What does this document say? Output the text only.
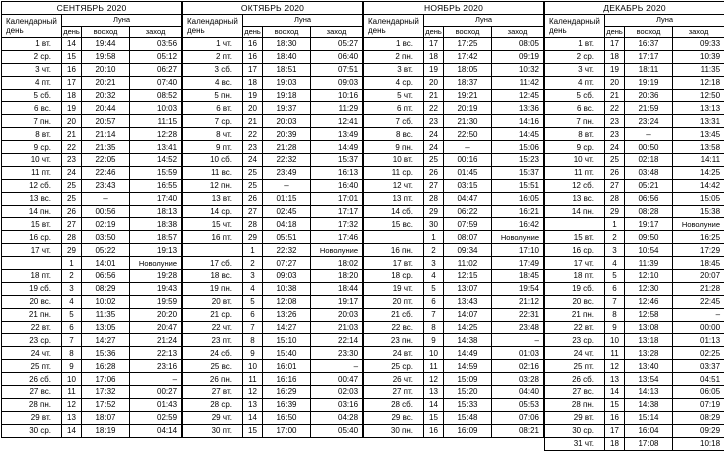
СЕНТЯБРЬ 2020			
Календарный день	Луна		
	день	восход	заход
1 вт.	14	19:44	03:56
2 ср.	15	19:58	05:12
3 чт.	16	20:10	06:27
4 пт.	17	20:21	07:40
5 сб.	18	20:32	08:52
6 вс.	19	20:44	10:03
7 пн.	20	20:57	11:15
8 вт.	21	21:14	12:28
9 ср.	22	21:35	13:41
10 чт.	23	22:05	14:52
11 пт.	24	22:46	15:59
12 сб.	25	23:43	16:55
13 вс.	25	–	17:40
14 пн.	26	00:56	18:13
15 вт.	27	02:19	18:38
16 ср.	28	03:50	18:57
17 чт.	29	05:22	19:13
	1	14:01	Новолуние
18 пт.	2	06:56	19:28
19 сб.	3	08:29	19:43
20 вс.	4	10:02	19:59
21 пн.	5	11:35	20:20
22 вт.	6	13:05	20:47
23 ср.	7	14:27	21:24
24 чт.	8	15:36	22:13
25 пт.	9	16:28	23:16
26 сб.	10	17:06	–
27 вс.	11	17:32	00:27
28 пн.	12	17:52	01:43
29 вт.	13	18:07	02:59
30 ср.	14	18:19	04:14
ОКТЯБРЬ 2020			
Календарный день	Луна		
	день	восход	заход
1 чт.	16	18:30	05:27
2 пт.	16	18:40	06:40
3 сб.	17	18:51	07:51
4 вс.	18	19:03	09:03
5 пн.	19	19:18	10:16
6 вт.	20	19:37	11:29
7 ср.	21	20:03	12:41
8 чт.	22	20:39	13:49
9 пт.	23	21:28	14:49
10 сб.	24	22:32	15:37
11 вс.	25	23:49	16:13
12 пн.	25	–	16:40
13 вт.	26	01:15	17:01
14 ср.	27	02:45	17:17
15 чт.	28	04:18	17:32
16 пт.	29	05:51	17:46
	1	22:32	Новолуние
17 сб.	2	07:27	18:02
18 вс.	3	09:03	18:20
19 пн.	4	10:38	18:44
20 вт.	5	12:08	19:17
21 ср.	6	13:26	20:03
22 чт.	7	14:27	21:03
23 пт.	8	15:10	22:14
24 сб.	9	15:40	23:30
25 вс.	10	16:01	–
26 пн.	11	16:16	00:47
27 вт.	12	16:29	02:03
28 ср.	13	16:39	03:16
29 чт.	14	16:50	04:28
30 пт.	15	17:00	05:40
НОЯБРЬ 2020			
Календарный день	Луна		
	день	восход	заход
1 вс.	17	17:25	08:05
2 пн.	18	17:42	09:19
3 вт.	19	18:05	10:32
4 ср.	20	18:37	11:42
5 чт.	21	19:21	12:45
6 пт.	22	20:19	13:36
7 сб.	23	21:30	14:16
8 вс.	24	22:50	14:45
9 пн.	24	–	15:06
10 вт.	25	00:16	15:23
11 ср.	26	01:45	15:37
12 чт.	27	03:15	15:51
13 пт.	28	04:47	16:05
14 сб.	29	06:22	16:21
15 вс.	30	07:59	16:42
	1	08:07	Новолуние
16 пн.	2	09:34	17:10
17 вт.	3	11:02	17:49
18 ср.	4	12:15	18:45
19 чт.	5	13:07	19:54
20 пт.	6	13:43	21:12
21 сб.	7	14:07	22:31
22 вс.	8	14:25	23:48
23 пн.	9	14:38	–
24 вт.	10	14:49	01:03
25 ср.	11	14:59	02:16
26 чт.	12	15:09	03:28
27 пт.	13	15:20	04:40
28 сб.	14	15:33	05:53
29 вс.	15	15:48	07:06
30 пн.	16	16:09	08:21
ДЕКАБРЬ 2020			
Календарный день	Луна		
	день	восход	заход
1 вт.	17	16:37	09:33
2 ср.	18	17:17	10:39
3 чт.	19	18:11	11:35
4 пт.	20	19:19	12:18
5 сб.	21	20:36	12:50
6 вс.	22	21:59	13:13
7 пн.	23	23:24	13:31
8 вт.	23	–	13:45
9 ср.	24	00:50	13:58
10 чт.	25	02:18	14:11
11 пт.	26	03:48	14:25
12 сб.	27	05:21	14:42
13 вс.	28	06:56	15:05
14 пн.	29	08:28	15:38
	1	19:17	Новолуние
15 вт.	2	09:50	16:25
16 ср.	3	10:54	17:29
17 чт.	4	11:39	18:45
18 пт.	5	12:10	20:07
19 сб.	6	12:30	21:28
20 вс.	7	12:46	22:45
21 пн.	8	12:58	–
22 вт.	9	13:08	00:00
23 ср.	10	13:18	01:13
24 чт.	11	13:28	02:25
25 пт.	12	13:40	03:37
26 сб.	13	13:54	04:51
27 вс.	14	14:13	06:05
28 пн.	15	14:38	07:19
29 вт.	16	15:14	08:29
30 ср.	17	16:04	09:29
31 чт.	18	17:08	10:18
